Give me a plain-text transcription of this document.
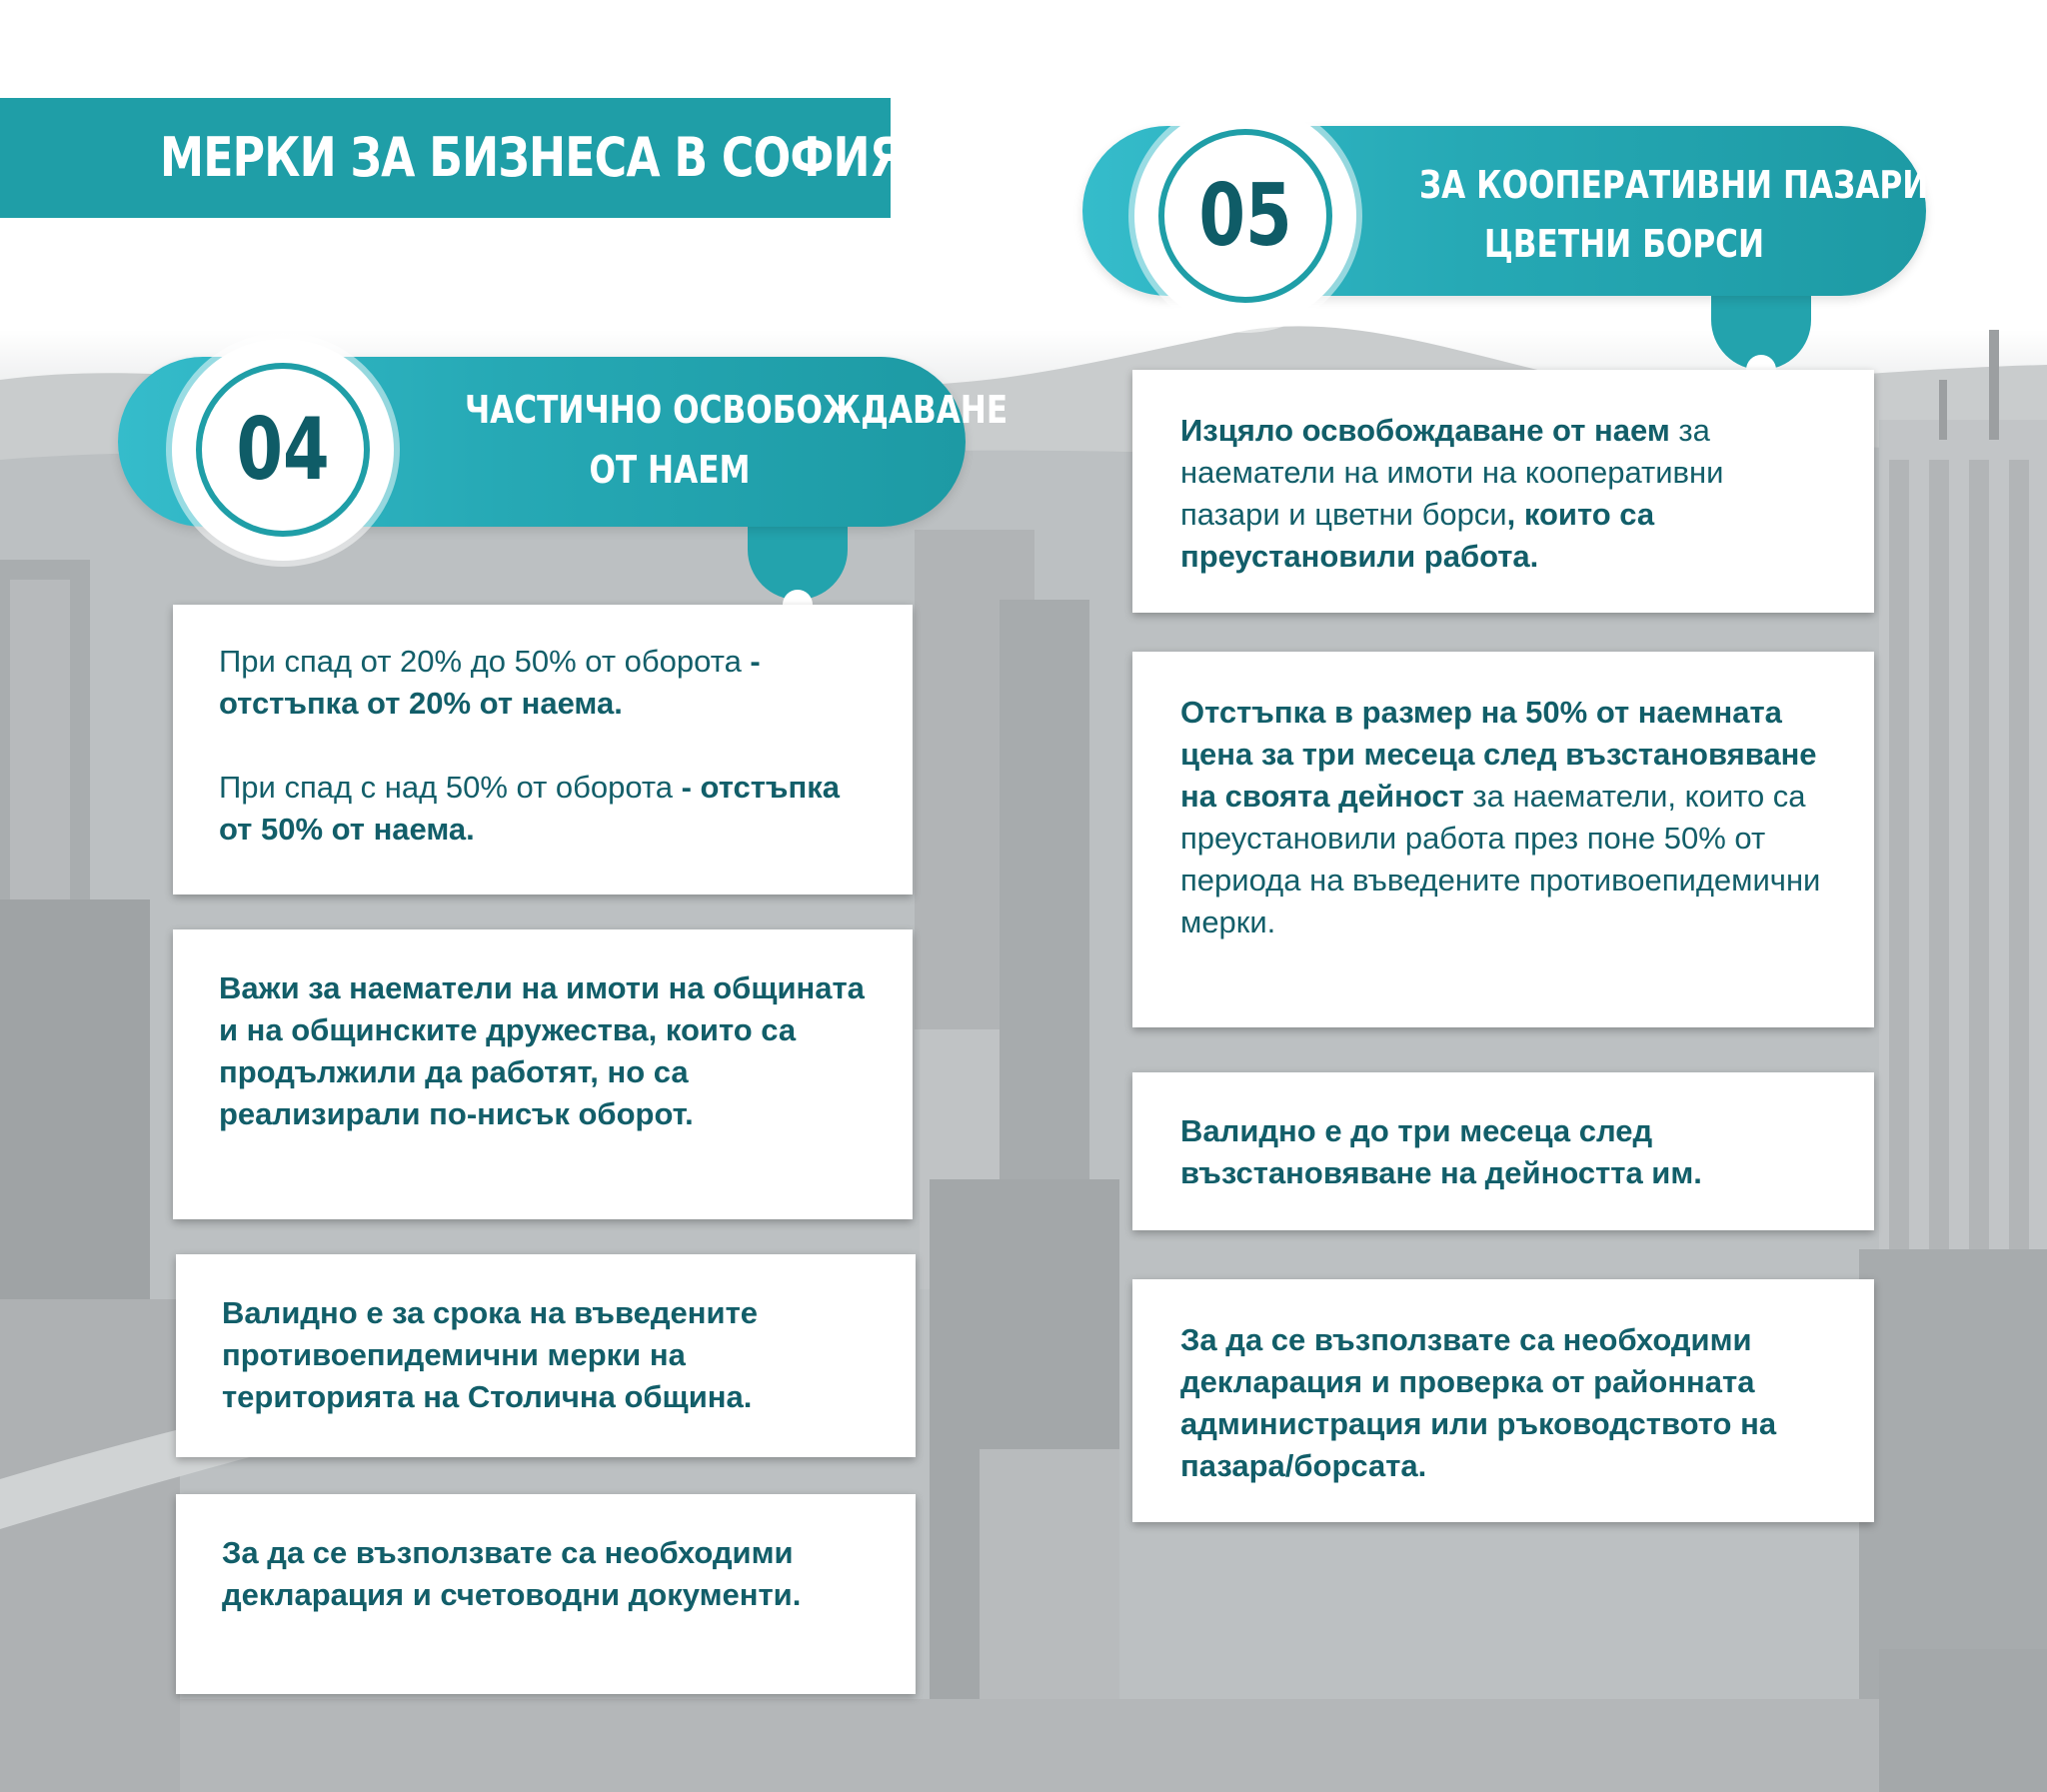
МЕРКИ ЗА БИЗНЕСА В СОФИЯ
04	ЧАСТИЧНО ОСВОБОЖДАВАНЕ
ОТ НАЕМ

При спад от 20% до 50% от оборота - отстъпка от 20% от наема.

При спад с над 50% от оборота - отстъпка от 50% от наема.

Важи за наематели на имоти на общината и на общинските дружества, които са продължили да работят, но са реализирали по-нисък оборот.

Валидно е за срока на въведените противоепидемични мерки на територията на Столична община.

За да се възползвате са необходими декларация и счетоводни документи.

05	ЗА КООПЕРАТИВНИ ПАЗАРИ И
ЦВЕТНИ БОРСИ

Изцяло освобождаване от наем за наематели на имоти на кооперативни пазари и цветни борси, които са преустановили работа.

Отстъпка в размер на 50% от наемната цена за три месеца след възстановяване на своята дейност за наематели, които са преустановили работа през поне 50% от периода на въведените противоепидемични мерки.

Валидно е до три месеца след възстановяване на дейността им.

За да се възползвате са необходими декларация и проверка от районната администрация или ръководството на пазара/борсата.
